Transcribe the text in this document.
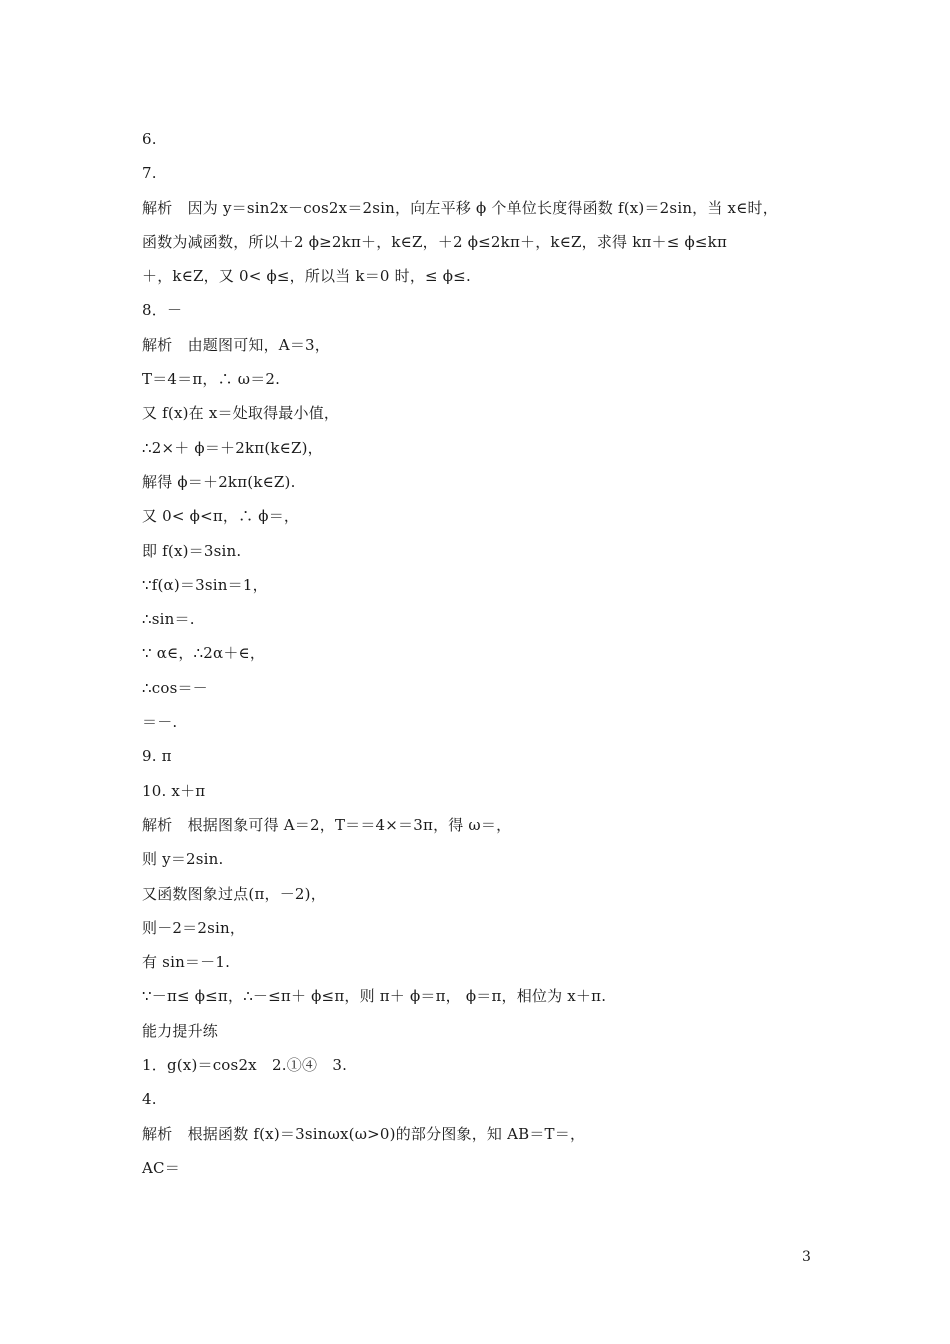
6.
7.
解析　因为 y＝sin2x－cos2x＝2sin，向左平移 ϕ 个单位长度得函数 f(x)＝2sin，当 x∈时，
函数为减函数，所以＋2 ϕ≥2kπ＋，k∈Z，＋2 ϕ≤2kπ＋，k∈Z，求得 kπ＋≤ ϕ≤kπ
＋，k∈Z，又 0< ϕ≤，所以当 k＝0 时，≤ ϕ≤.
8．－
解析　由题图可知，A＝3，
T＝4＝π，∴ ω＝2.
又 f(x)在 x＝处取得最小值，
∴2×＋ ϕ＝＋2kπ(k∈Z)，
解得 ϕ＝＋2kπ(k∈Z).
又 0< ϕ<π，∴ ϕ＝，
即 f(x)＝3sin.
∵f(α)＝3sin＝1，
∴sin＝.
∵ α∈，∴2α＋∈，
∴cos＝－
＝－.
9. π
10. x＋π
解析　根据图象可得 A＝2，T＝＝4×＝3π，得 ω＝，
则 y＝2sin.
又函数图象过点(π，－2)，
则－2＝2sin，
有 sin＝－1.
∵－π≤ ϕ≤π，∴－≤π＋ ϕ≤π，则 π＋ ϕ＝π， ϕ＝π，相位为 x＋π.
能力提升练
1．g(x)＝cos2x　2.①④　3.
4.
解析　根据函数 f(x)＝3sinωx(ω>0)的部分图象，知 AB＝T＝，
AC＝
3
